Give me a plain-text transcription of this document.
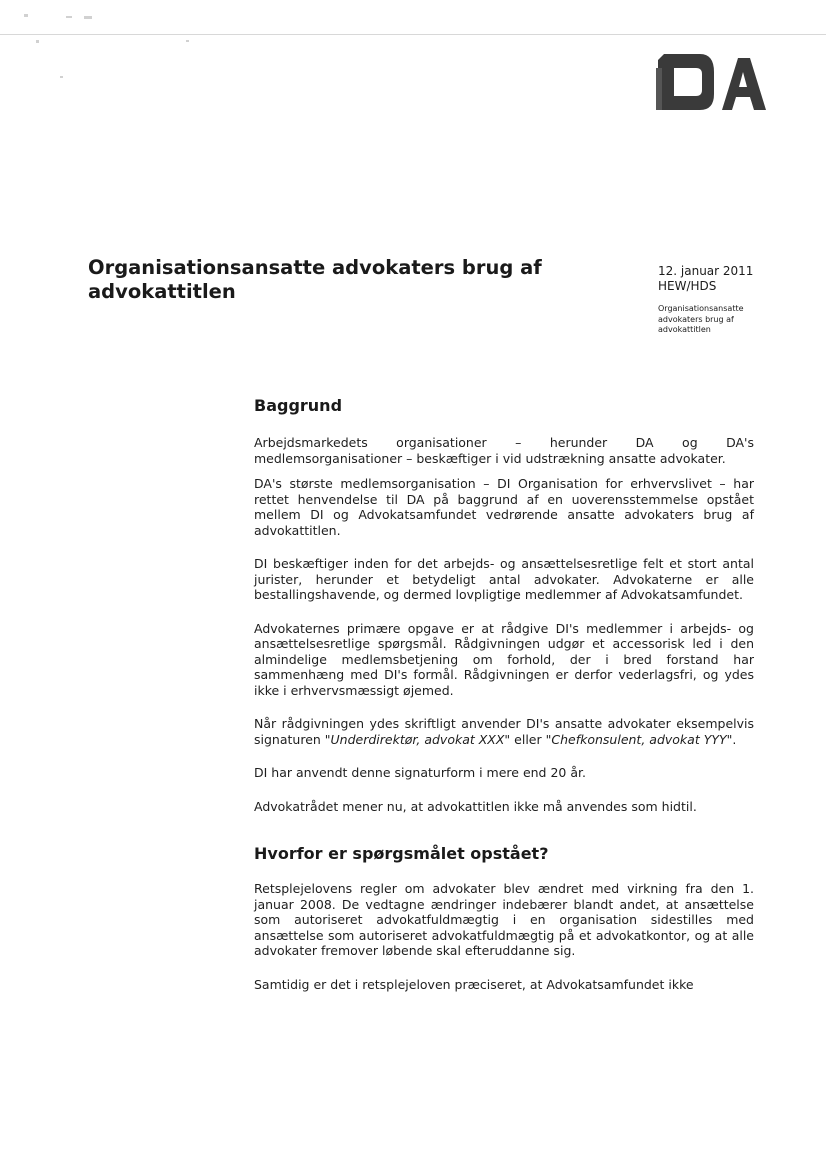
Organisationsansatte advokaters brug af advokattitlen
12. januar 2011
HEW/HDS
Organisationsansatte advokaters brug af advokattitlen
Baggrund

Arbejdsmarkedets organisationer – herunder DA og DA's medlemsorganisationer – beskæftiger i vid udstrækning ansatte advokater.

DA's største medlemsorganisation – DI Organisation for erhvervslivet – har rettet henvendelse til DA på baggrund af en uoverensstemmelse opstået mellem DI og Advokatsamfundet vedrørende ansatte advokaters brug af advokattitlen.

DI beskæftiger inden for det arbejds- og ansættelsesretlige felt et stort antal jurister, herunder et betydeligt antal advokater. Advokaterne er alle bestallingshavende, og dermed lovpligtige medlemmer af Advokatsamfundet.

Advokaternes primære opgave er at rådgive DI's medlemmer i arbejds- og ansættelsesretlige spørgsmål. Rådgivningen udgør et accessorisk led i den almindelige medlemsbetjening om forhold, der i bred forstand har sammenhæng med DI's formål. Rådgivningen er derfor vederlagsfri, og ydes ikke i erhvervsmæssigt øjemed.

Når rådgivningen ydes skriftligt anvender DI's ansatte advokater eksempelvis signaturen "Underdirektør, advokat XXX" eller "Chefkonsulent, advokat YYY".

DI har anvendt denne signaturform i mere end 20 år.

Advokatrådet mener nu, at advokattitlen ikke må anvendes som hidtil.

Hvorfor er spørgsmålet opstået?

Retsplejelovens regler om advokater blev ændret med virkning fra den 1. januar 2008. De vedtagne ændringer indebærer blandt andet, at ansættelse som autoriseret advokatfuldmægtig i en organisation sidestilles med ansættelse som autoriseret advokatfuldmægtig på et advokatkontor, og at alle advokater fremover løbende skal efteruddanne sig.

Samtidig er det i retsplejeloven præciseret, at Advokatsamfundet ikke
